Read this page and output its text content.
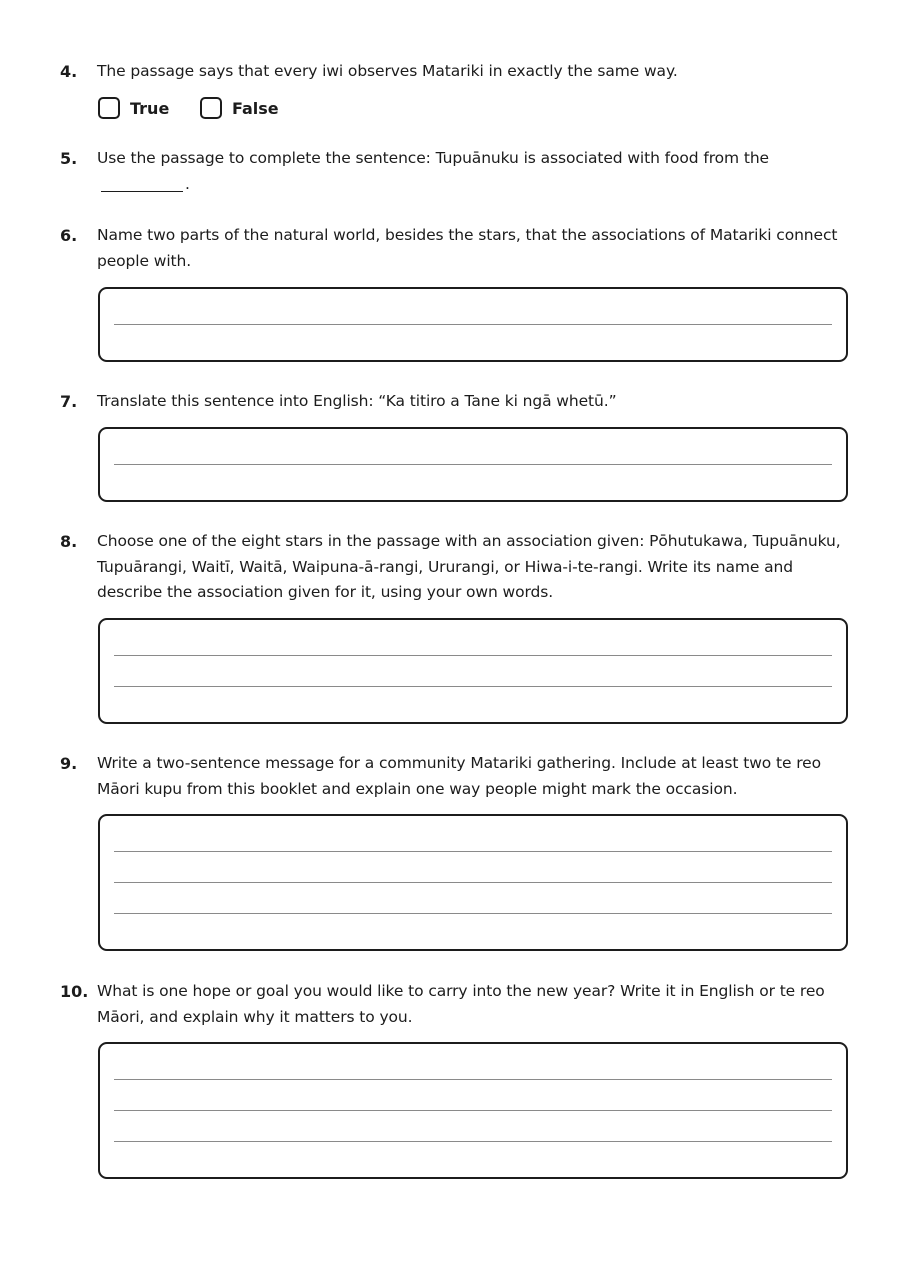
4. The passage says that every iwi observes Matariki in exactly the same way.
True	False
5. Use the passage to complete the sentence: Tupuānuku is associated with food from the
.
6. Name two parts of the natural world, besides the stars, that the associations of Matariki connect people with.
7. Translate this sentence into English: “Ka titiro a Tane ki ngā whetū.”
8. Choose one of the eight stars in the passage with an association given: Pōhutukawa, Tupuānuku, Tupuārangi, Waitī, Waitā, Waipuna-ā-rangi, Ururangi, or Hiwa-i-te-rangi. Write its name and describe the association given for it, using your own words.
9. Write a two-sentence message for a community Matariki gathering. Include at least two te reo Māori kupu from this booklet and explain one way people might mark the occasion.
10. What is one hope or goal you would like to carry into the new year? Write it in English or te reo Māori, and explain why it matters to you.
